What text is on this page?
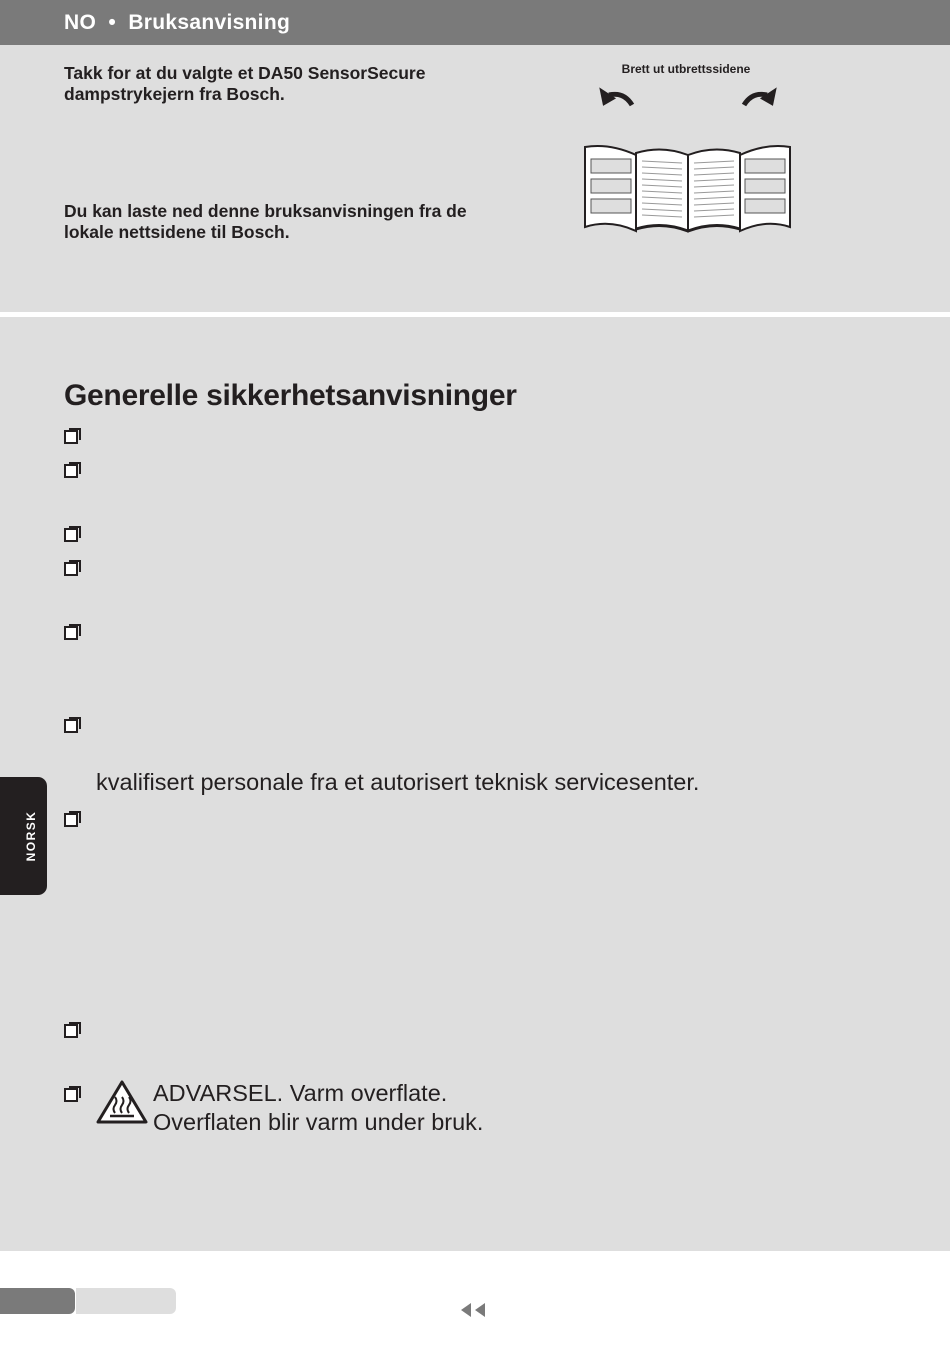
NO • Bruksanvisning
Takk for at du valgte et DA50 SensorSecure dampstrykejern fra Bosch.
Du kan laste ned denne bruksanvisningen fra de lokale nettsidene til Bosch.
Brett ut utbrettssidene
Generelle sikkerhetsanvisninger
kvalifisert personale fra et autorisert teknisk servicesenter.
ADVARSEL. Varm overflate.
Overflaten blir varm under bruk.
NORSK
